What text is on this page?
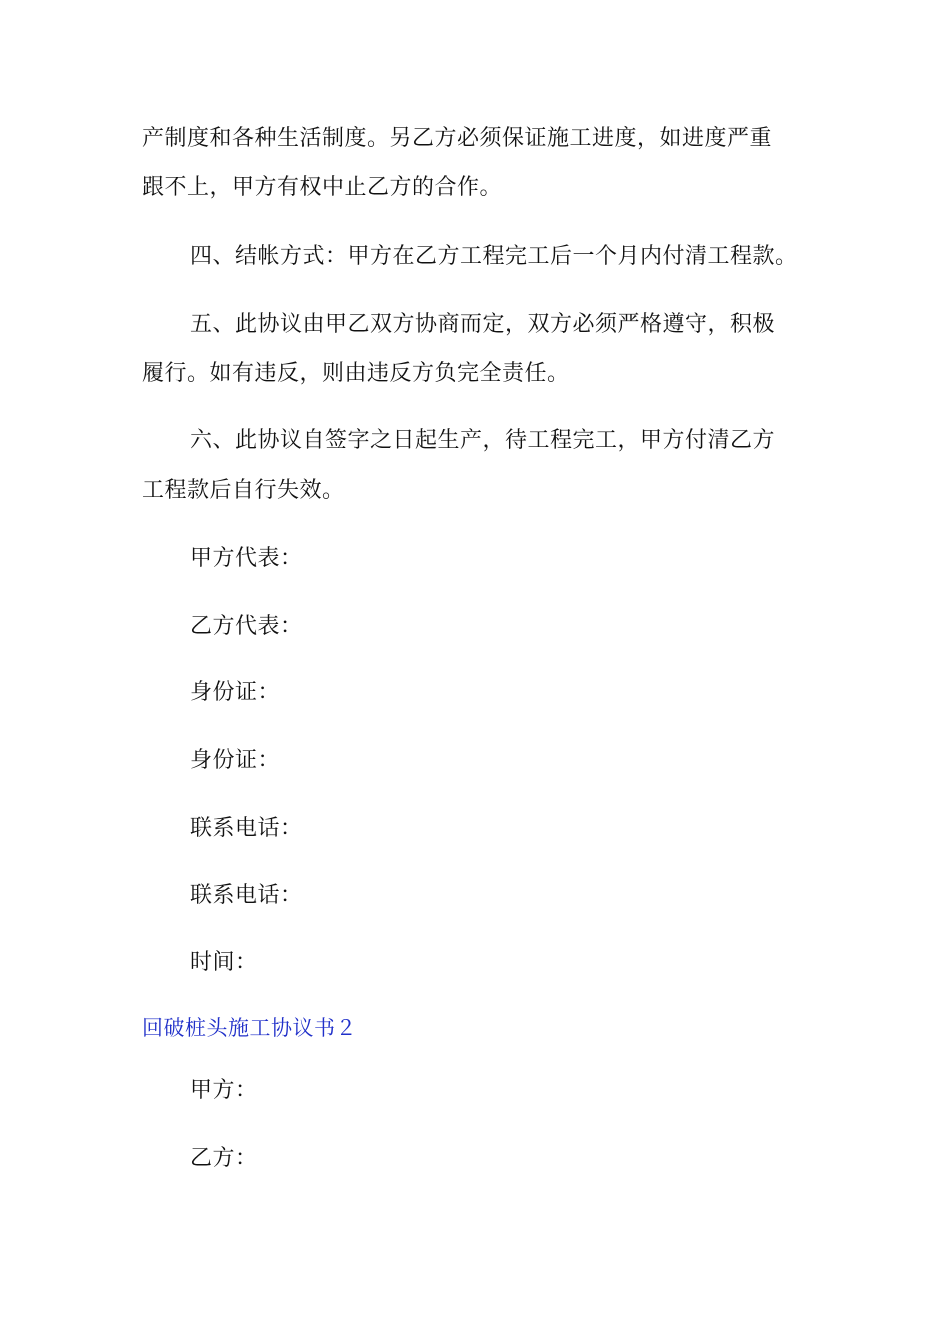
产制度和各种生活制度。另乙方必须保证施工进度，如进度严重
跟不上，甲方有权中止乙方的合作。
四、结帐方式：甲方在乙方工程完工后一个月内付清工程款。
五、此协议由甲乙双方协商而定，双方必须严格遵守，积极
履行。如有违反，则由违反方负完全责任。
六、此协议自签字之日起生产，待工程完工，甲方付清乙方
工程款后自行失效。
甲方代表：
乙方代表：
身份证：
身份证：
联系电话：
联系电话：
时间：
回破桩头施工协议书２
甲方：
乙方：
